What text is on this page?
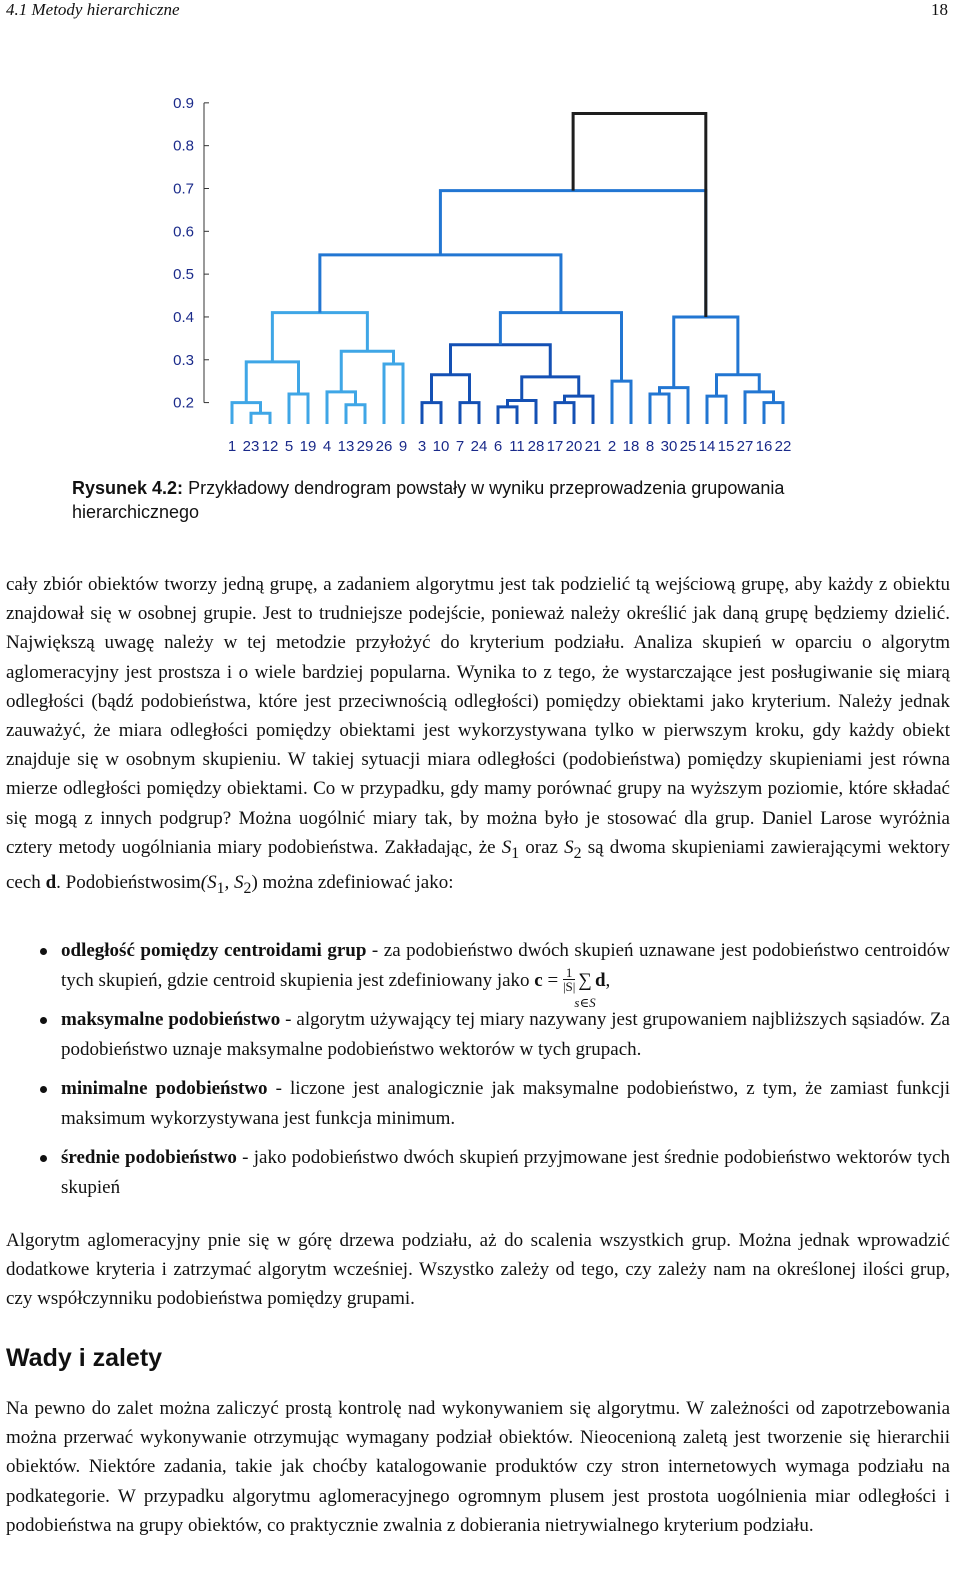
4.1 Metody hierarchiczne	18
0.9
0.8
0.7
0.6
0.5
0.4
0.3
0.2
1 23 12 5 19 4 13 29 26 9 3 10 7 24 6 11 28 17 20 21 2 18 8 30 25 14 15 27 16 22
Rysunek 4.2: Przykładowy dendrogram powstały w wyniku przeprowadzenia grupowania hierarchicznego
cały zbiór obiektów tworzy jedną grupę, a zadaniem algorytmu jest tak podzielić tą wejściową grupę, aby każdy z obiektu znajdował się w osobnej grupie. Jest to trudniejsze podejście, ponieważ należy określić jak daną grupę będziemy dzielić. Największą uwagę należy w tej metodzie przyłożyć do kryterium podziału. Analiza skupień w oparciu o algorytm aglomeracyjny jest prostsza i o wiele bardziej popularna. Wynika to z tego, że wystarczające jest posługiwanie się miarą odległości (bądź podobieństwa, które jest przeciwnością odległości) pomiędzy obiektami jako kryterium. Należy jednak zauważyć, że miara odległości pomiędzy obiektami jest wykorzystywana tylko w pierwszym kroku, gdy każdy obiekt znajduje się w osobnym skupieniu. W takiej sytuacji miara odległości (podobieństwa) pomiędzy skupieniami jest równa mierze odległości pomiędzy obiektami. Co w przypadku, gdy mamy porównać grupy na wyższym poziomie, które składać się mogą z innych podgrup? Można uogólnić miary tak, by można było je stosować dla grup. Daniel Larose wyróżnia cztery metody uogólniania miary podobieństwa. Zakładając, że $S_1$ oraz $S_2$ są dwoma skupieniami zawierającymi wektory cech d. $Podobieństwosim(S_1$, $S_2$) można zdefiniować jako:
odległość pomiędzy centroidami grup - za podobieństwo dwóch skupień uznawane jest podobieństwo centroidów tych skupień, gdzie centroid skupienia jest zdefiniowany jako $c = \frac{1}{|S|}$ ∑
s∈S
d,
maksymalne podobieństwo - algorytm używający tej miary nazywany jest grupowaniem najbliższych sąsiadów. Za podobieństwo uznaje maksymalne podobieństwo wektorów w tych grupach.
minimalne podobieństwo - liczone jest analogicznie jak maksymalne podobieństwo, z tym, że zamiast funkcji maksimum wykorzystywana jest funkcja minimum.
średnie podobieństwo - jako podobieństwo dwóch skupień przyjmowane jest średnie podobieństwo wektorów tych skupień
Algorytm aglomeracyjny pnie się w górę drzewa podziału, aż do scalenia wszystkich grup. Można jednak wprowadzić dodatkowe kryteria i zatrzymać algorytm wcześniej. Wszystko zależy od tego, czy zależy nam na określonej ilości grup, czy współczynniku podobieństwa pomiędzy grupami.
Wady i zalety
Na pewno do zalet można zaliczyć prostą kontrolę nad wykonywaniem się algorytmu. W zależności od zapotrzebowania można przerwać wykonywanie otrzymując wymagany podział obiektów. Nieocenioną zaletą jest tworzenie się hierarchii obiektów. Niektóre zadania, takie jak choćby katalogowanie produktów czy stron internetowych wymaga podziału na podkategorie. W przypadku algorytmu aglomeracyjnego ogromnym plusem jest prostota uogólnienia miar odległości i podobieństwa na grupy obiektów, co praktycznie zwalnia z dobierania nietrywialnego kryterium podziału.
